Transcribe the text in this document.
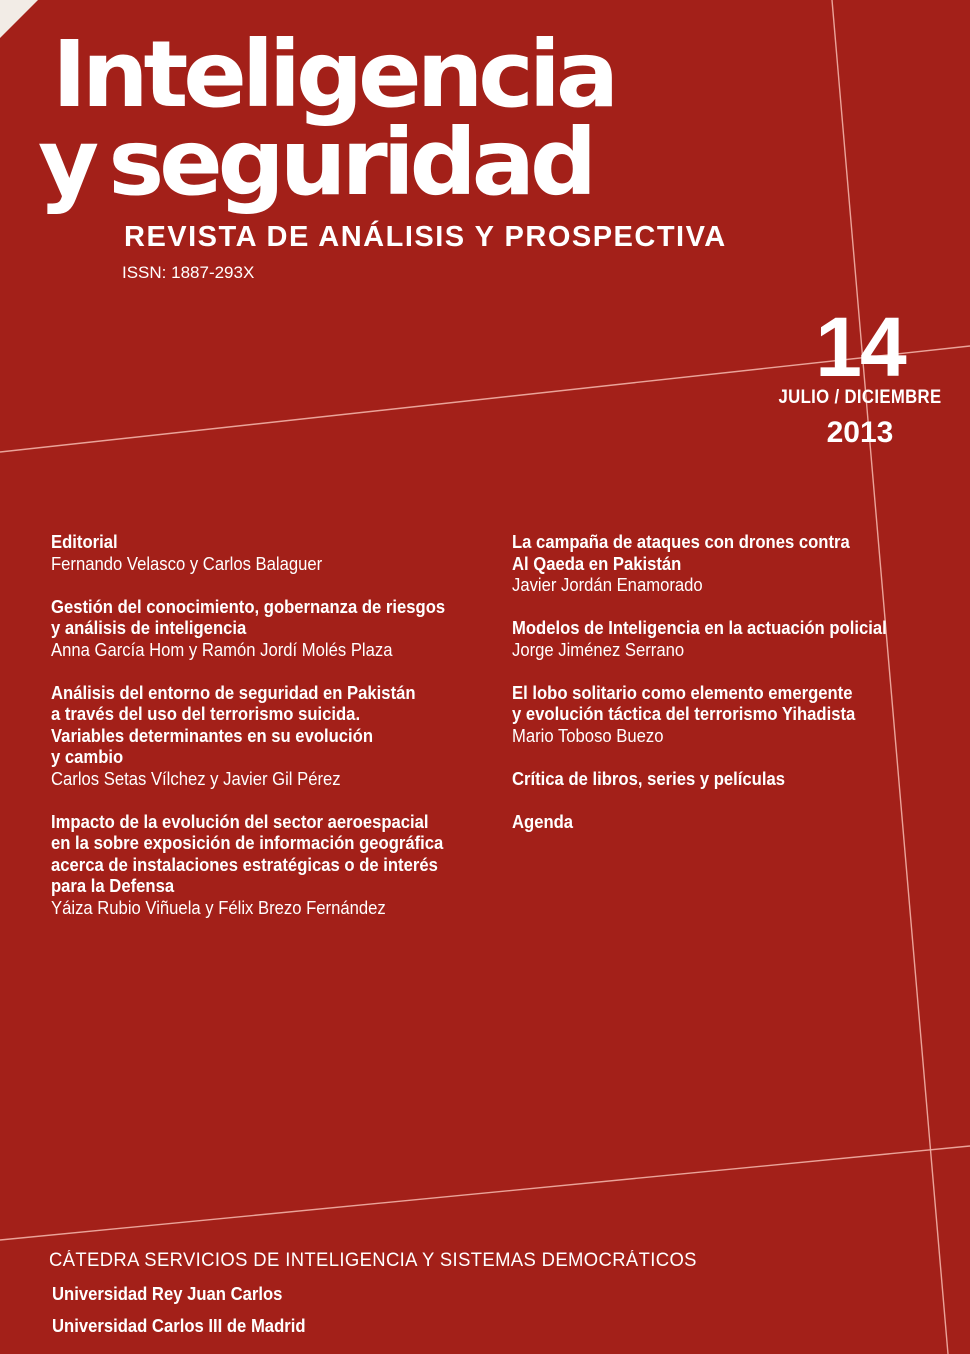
Inteligencia
y seguridad
REVISTA DE ANÁLISIS Y PROSPECTIVA
ISSN: 1887-293X
14
JULIO / DICIEMBRE
2013
Editorial
Fernando Velasco y Carlos Balaguer
Gestión del conocimiento, gobernanza de riesgos
y análisis de inteligencia
Anna García Hom y Ramón Jordí Molés Plaza
Análisis del entorno de seguridad en Pakistán
a través del uso del terrorismo suicida.
Variables determinantes en su evolución
y cambio
Carlos Setas Vílchez y Javier Gil Pérez
Impacto de la evolución del sector aeroespacial
en la sobre exposición de información geográfica
acerca de instalaciones estratégicas o de interés
para la Defensa
Yáiza Rubio Viñuela y Félix Brezo Fernández
La campaña de ataques con drones contra
Al Qaeda en Pakistán
Javier Jordán Enamorado
Modelos de Inteligencia en la actuación policial
Jorge Jiménez Serrano
El lobo solitario como elemento emergente
y evolución táctica del terrorismo Yihadista
Mario Toboso Buezo
Crítica de libros, series y películas
Agenda
CÁTEDRA SERVICIOS DE INTELIGENCIA Y SISTEMAS DEMOCRÁTICOS
Universidad Rey Juan Carlos
Universidad Carlos III de Madrid
